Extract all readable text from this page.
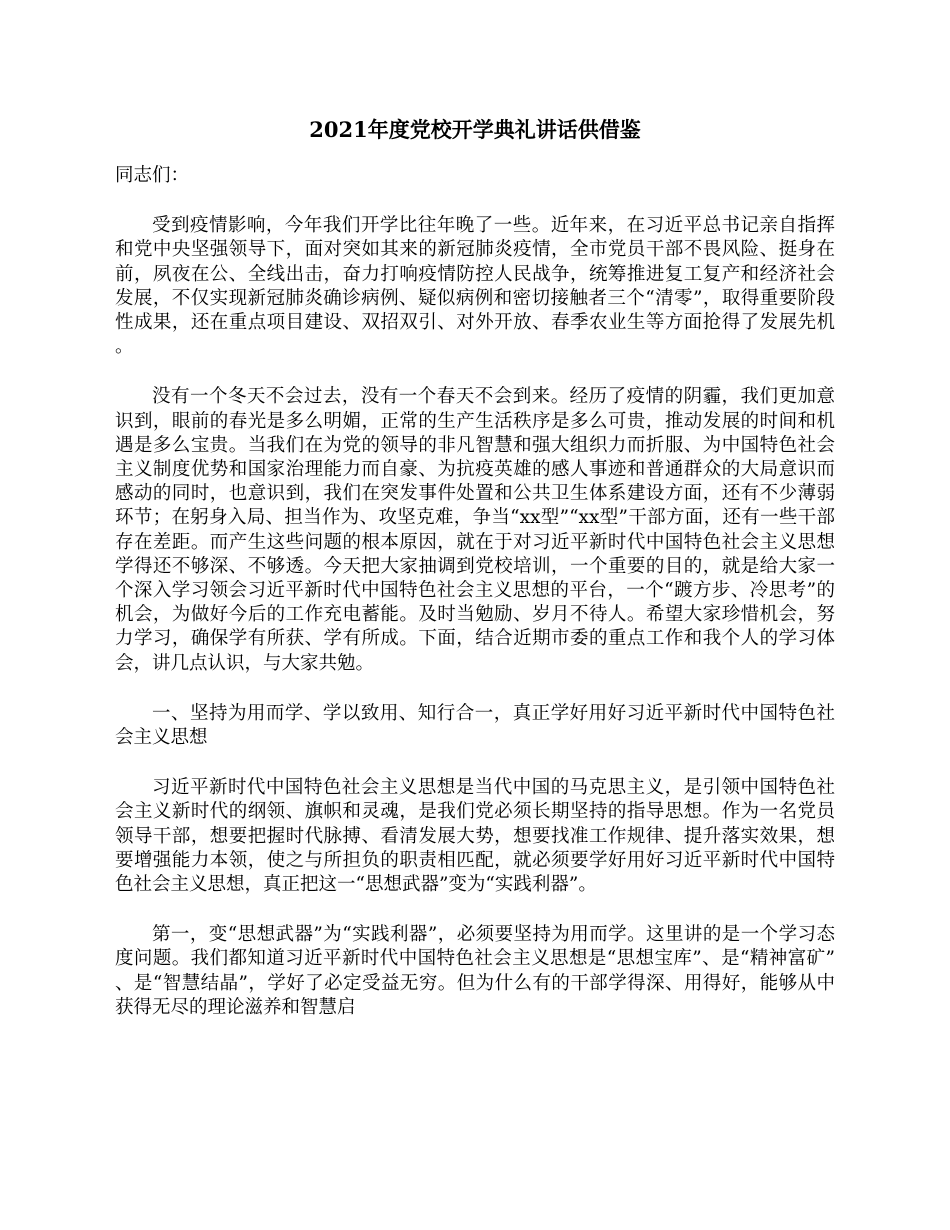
2021年度党校开学典礼讲话供借鉴

同志们：

受到疫情影响，今年我们开学比往年晚了一些。近年来，在习近平总书记亲自指挥和党中央坚强领导下，面对突如其来的新冠肺炎疫情，全市党员干部不畏风险、挺身在前，夙夜在公、全线出击，奋力打响疫情防控人民战争，统筹推进复工复产和经济社会发展，不仅实现新冠肺炎确诊病例、疑似病例和密切接触者三个“清零”，取得重要阶段性成果，还在重点项目建设、双招双引、对外开放、春季农业生等方面抢得了发展先机。

没有一个冬天不会过去，没有一个春天不会到来。经历了疫情的阴霾，我们更加意识到，眼前的春光是多么明媚，正常的生产生活秩序是多么可贵，推动发展的时间和机遇是多么宝贵。当我们在为党的领导的非凡智慧和强大组织力而折服、为中国特色社会主义制度优势和国家治理能力而自豪、为抗疫英雄的感人事迹和普通群众的大局意识而感动的同时，也意识到，我们在突发事件处置和公共卫生体系建设方面，还有不少薄弱环节；在躬身入局、担当作为、攻坚克难，争当“xx型”“xx型”干部方面，还有一些干部存在差距。而产生这些问题的根本原因，就在于对习近平新时代中国特色社会主义思想学得还不够深、不够透。今天把大家抽调到党校培训，一个重要的目的，就是给大家一个深入学习领会习近平新时代中国特色社会主义思想的平台，一个“踱方步、冷思考”的机会，为做好今后的工作充电蓄能。及时当勉励、岁月不待人。希望大家珍惜机会，努力学习，确保学有所获、学有所成。下面，结合近期市委的重点工作和我个人的学习体会，讲几点认识，与大家共勉。

一、坚持为用而学、学以致用、知行合一，真正学好用好习近平新时代中国特色社会主义思想

习近平新时代中国特色社会主义思想是当代中国的马克思主义，是引领中国特色社会主义新时代的纲领、旗帜和灵魂，是我们党必须长期坚持的指导思想。作为一名党员领导干部，想要把握时代脉搏、看清发展大势，想要找准工作规律、提升落实效果，想要增强能力本领，使之与所担负的职责相匹配，就必须要学好用好习近平新时代中国特色社会主义思想，真正把这一“思想武器”变为“实践利器”。

第一，变“思想武器”为“实践利器”，必须要坚持为用而学。这里讲的是一个学习态度问题。我们都知道习近平新时代中国特色社会主义思想是“思想宝库”、是“精神富矿”、是“智慧结晶”，学好了必定受益无穷。但为什么有的干部学得深、用得好，能够从中获得无尽的理论滋养和智慧启
